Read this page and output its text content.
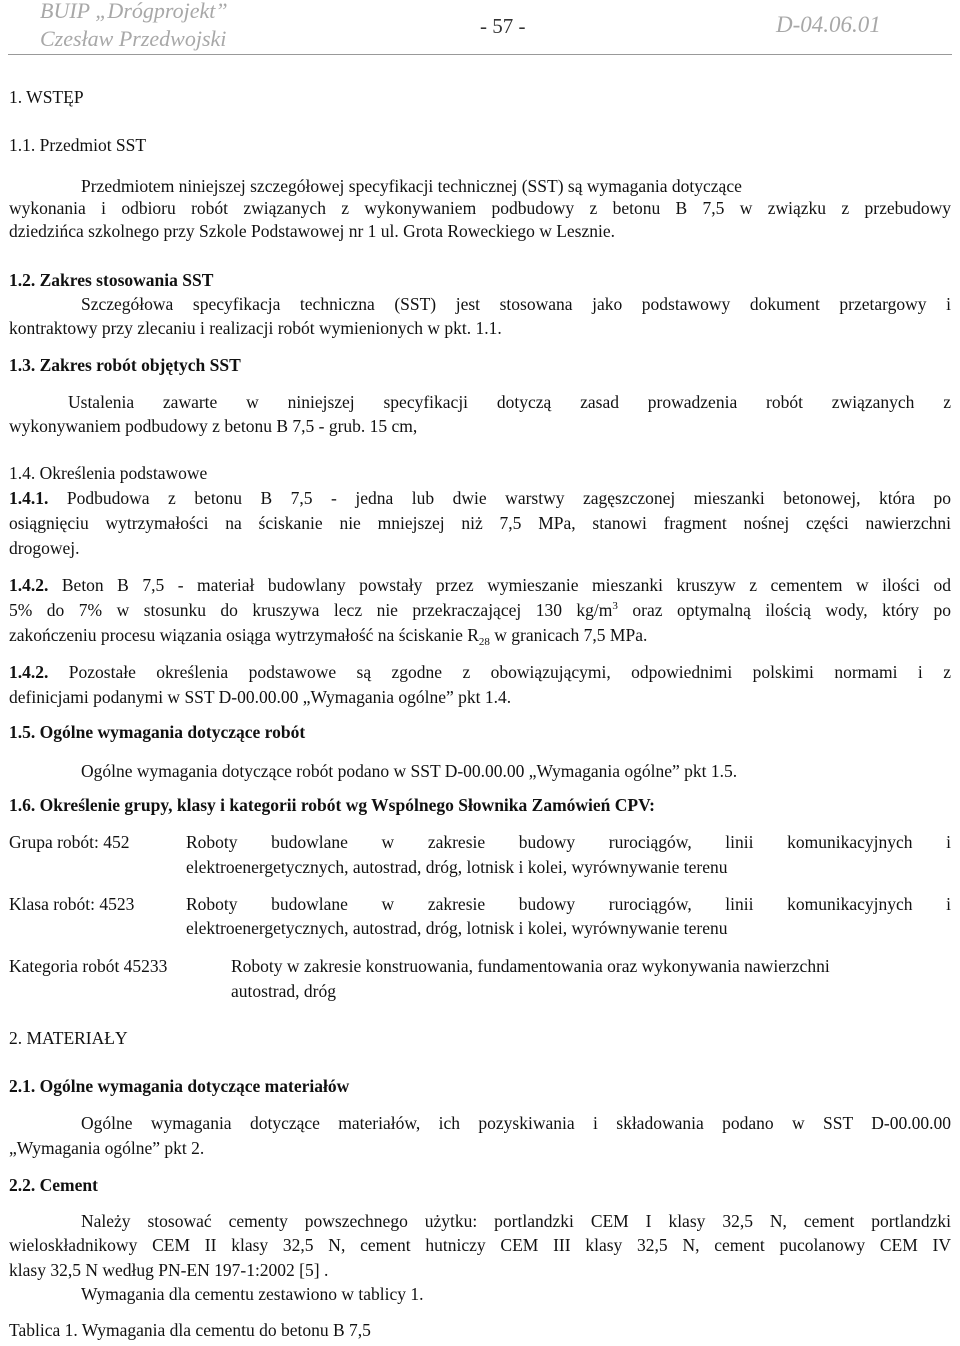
BUIP „Drógprojekt”
Czesław Przedwojski	- 57 -	D-04.06.01
1. WSTĘP
1.1. Przedmiot SST
Przedmiotem niniejszej szczegółowej specyfikacji technicznej (SST) są wymagania dotyczące
wykonania i odbioru robót związanych z wykonywaniem podbudowy z betonu B 7,5 w związku z przebudowy
dziedzińca szkolnego przy Szkole Podstawowej nr 1 ul. Grota Roweckiego w Lesznie.
1.2. Zakres stosowania SST
Szczegółowa specyfikacja techniczna (SST) jest stosowana jako podstawowy dokument przetargowy i
kontraktowy przy zlecaniu i realizacji robót wymienionych w pkt. 1.1.
1.3. Zakres robót objętych SST
Ustalenia zawarte w niniejszej specyfikacji dotyczą zasad prowadzenia robót związanych z
wykonywaniem podbudowy z betonu B 7,5 - grub. 15 cm,
1.4. Określenia podstawowe
1.4.1. Podbudowa z betonu B 7,5 - jedna lub dwie warstwy zagęszczonej mieszanki betonowej, która po
osiągnięciu wytrzymałości na ściskanie nie mniejszej niż 7,5 MPa, stanowi fragment nośnej części nawierzchni
drogowej.
1.4.2. Beton B 7,5 - materiał budowlany powstały przez wymieszanie mieszanki kruszyw z cementem w ilości od
5% do 7% w stosunku do kruszywa lecz nie przekraczającej 130 $kg/m^3$ oraz optymalną ilością wody, który po
zakończeniu procesu wiązania osiąga wytrzymałość na ściskanie $R_{28}$ w granicach 7,5 MPa.
1.4.2. Pozostałe określenia podstawowe są zgodne z obowiązującymi, odpowiednimi polskimi normami i z
definicjami podanymi w SST D-00.00.00 „Wymagania ogólne” pkt 1.4.
1.5. Ogólne wymagania dotyczące robót
Ogólne wymagania dotyczące robót podano w SST D-00.00.00 „Wymagania ogólne” pkt 1.5.
1.6. Określenie grupy, klasy i kategorii robót wg Wspólnego Słownika Zamówień CPV:
Grupa robót: 452	Roboty budowlane w zakresie budowy rurociągów, linii komunikacyjnych i
elektroenergetycznych, autostrad, dróg, lotnisk i kolei, wyrównywanie terenu
Klasa robót: 4523	Roboty budowlane w zakresie budowy rurociągów, linii komunikacyjnych i
elektroenergetycznych, autostrad, dróg, lotnisk i kolei, wyrównywanie terenu
Kategoria robót 45233	Roboty w zakresie konstruowania, fundamentowania oraz wykonywania nawierzchni
autostrad, dróg
2. MATERIAŁY
2.1. Ogólne wymagania dotyczące materiałów
Ogólne wymagania dotyczące materiałów, ich pozyskiwania i składowania podano w SST D-00.00.00
„Wymagania ogólne” pkt 2.
2.2. Cement
Należy stosować cementy powszechnego użytku: portlandzki CEM I klasy 32,5 N, cement portlandzki
wieloskładnikowy CEM II klasy 32,5 N, cement hutniczy CEM III klasy 32,5 N, cement pucolanowy CEM IV
klasy 32,5 N według PN-EN 197-1:2002 [5] .
Wymagania dla cementu zestawiono w tablicy 1.
Tablica 1. Wymagania dla cementu do betonu B 7,5
